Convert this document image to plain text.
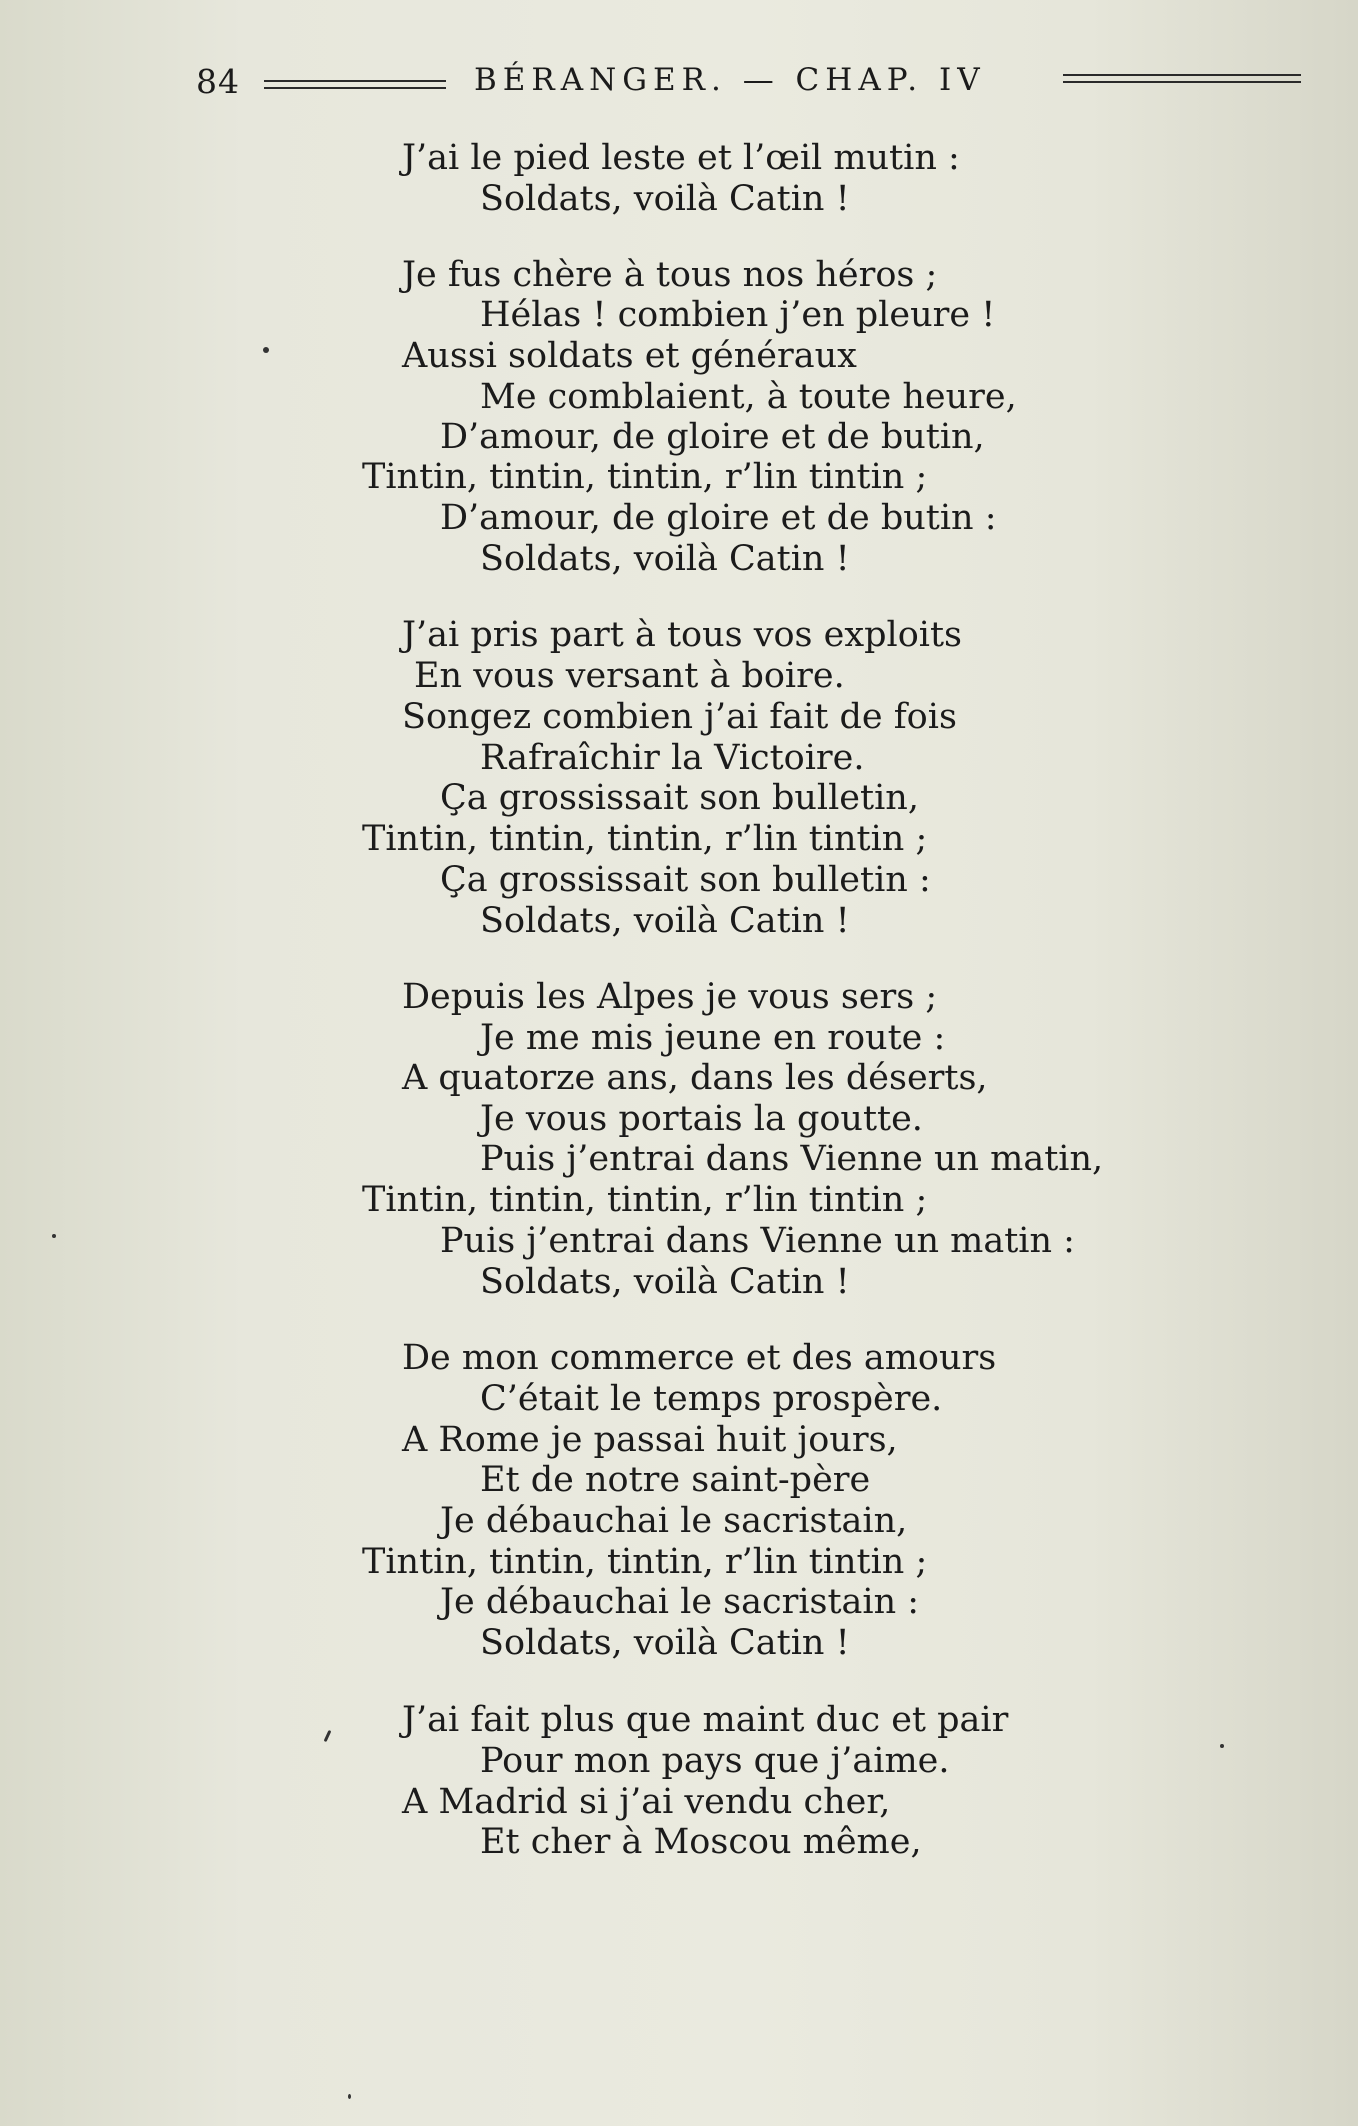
84	BÉRANGER. — CHAP. IV
J’ai le pied leste et l’œil mutin :
Soldats, voilà Catin !
Je fus chère à tous nos héros ;
Hélas ! combien j’en pleure !
Aussi soldats et généraux
Me comblaient, à toute heure,
D’amour, de gloire et de butin,
Tintin, tintin, tintin, r’lin tintin ;
D’amour, de gloire et de butin :
Soldats, voilà Catin !
J’ai pris part à tous vos exploits
En vous versant à boire.
Songez combien j’ai fait de fois
Rafraîchir la Victoire.
Ça grossissait son bulletin,
Tintin, tintin, tintin, r’lin tintin ;
Ça grossissait son bulletin :
Soldats, voilà Catin !
Depuis les Alpes je vous sers ;
Je me mis jeune en route :
A quatorze ans, dans les déserts,
Je vous portais la goutte.
Puis j’entrai dans Vienne un matin,
Tintin, tintin, tintin, r’lin tintin ;
Puis j’entrai dans Vienne un matin :
Soldats, voilà Catin !
De mon commerce et des amours
C’était le temps prospère.
A Rome je passai huit jours,
Et de notre saint-père
Je débauchai le sacristain,
Tintin, tintin, tintin, r’lin tintin ;
Je débauchai le sacristain :
Soldats, voilà Catin !
J’ai fait plus que maint duc et pair
Pour mon pays que j’aime.
A Madrid si j’ai vendu cher,
Et cher à Moscou même,
